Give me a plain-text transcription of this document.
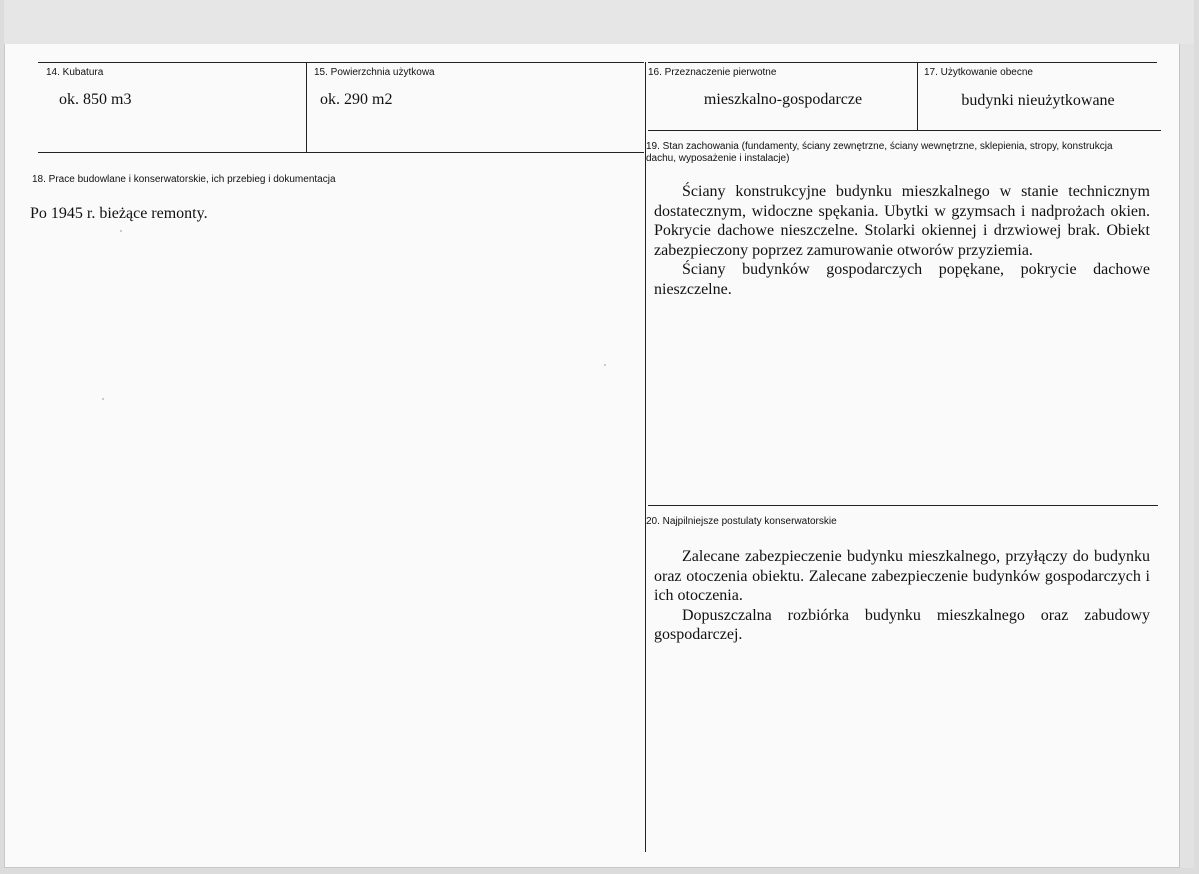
14. Kubatura
ok. 850 m3
15. Powierzchnia użytkowa
ok. 290 m2
16. Przeznaczenie pierwotne
mieszkalno-gospodarcze
17. Użytkowanie obecne
budynki nieużytkowane
18. Prace budowlane i konserwatorskie, ich przebieg i dokumentacja
Po 1945 r. bieżące remonty.
19. Stan zachowania (fundamenty, ściany zewnętrzne, ściany wewnętrzne, sklepienia, stropy, konstrukcja dachu, wyposażenie i instalacje)

Ściany konstrukcyjne budynku mieszkalnego w stanie technicznym dostatecznym, widoczne spękania. Ubytki w gzymsach i nadprożach okien. Pokrycie dachowe nieszczelne. Stolarki okiennej i drzwiowej brak. Obiekt zabezpieczony poprzez zamurowanie otworów przyziemia.

Ściany budynków gospodarczych popękane, pokrycie dachowe nieszczelne.

20. Najpilniejsze postulaty konserwatorskie

Zalecane zabezpieczenie budynku mieszkalnego, przyłączy do budynku oraz otoczenia obiektu. Zalecane zabezpieczenie budynków gospodarczych i ich otoczenia.

Dopuszczalna rozbiórka budynku mieszkalnego oraz zabudowy gospodarczej.
